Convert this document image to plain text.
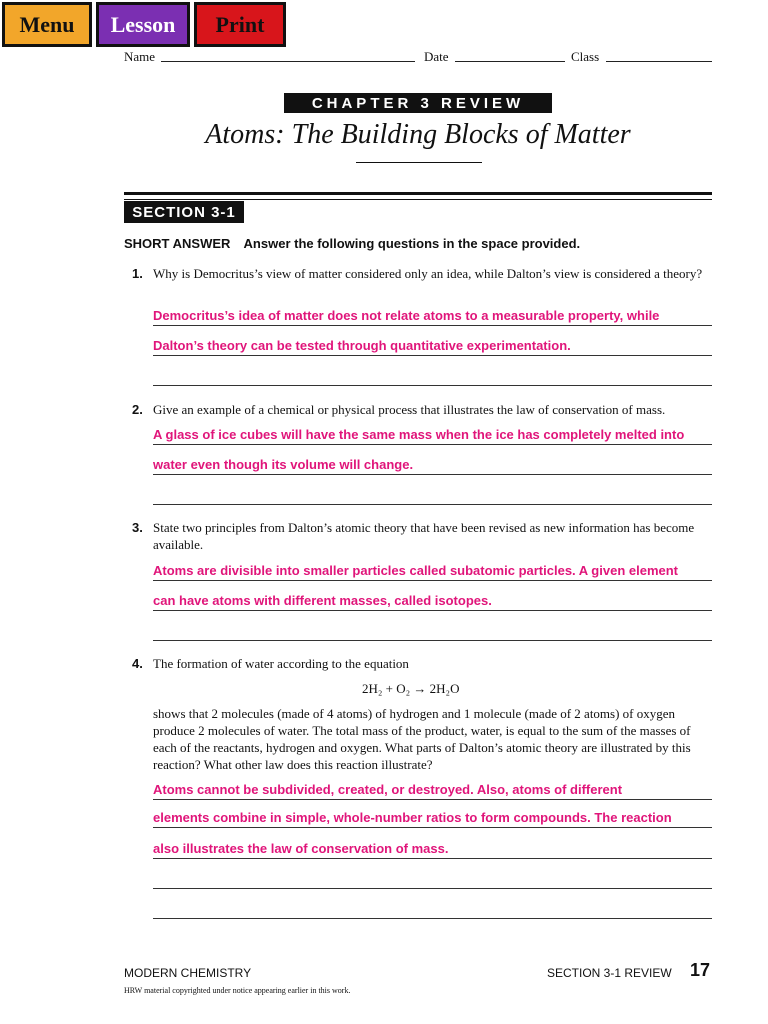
Menu	Lesson	Print
Name	Date	Class
CHAPTER 3 REVIEW
Atoms: The Building Blocks of Matter
SECTION 3-1
SHORT ANSWER Answer the following questions in the space provided.
1. Why is Democritus’s view of matter considered only an idea, while Dalton’s view is considered a theory?
Democritus’s idea of matter does not relate atoms to a measurable property, while
Dalton’s theory can be tested through quantitative experimentation.
2. Give an example of a chemical or physical process that illustrates the law of conservation of mass.
A glass of ice cubes will have the same mass when the ice has completely melted into
water even though its volume will change.
3. State two principles from Dalton’s atomic theory that have been revised as new information has become available.
Atoms are divisible into smaller particles called subatomic particles. A given element
can have atoms with different masses, called isotopes.
4. The formation of water according to the equation
2H₂ + O₂ → 2H₂O
shows that 2 molecules (made of 4 atoms) of hydrogen and 1 molecule (made of 2 atoms) of oxygen produce 2 molecules of water. The total mass of the product, water, is equal to the sum of the masses of each of the reactants, hydrogen and oxygen. What parts of Dalton’s atomic theory are illustrated by this reaction? What other law does this reaction illustrate?
Atoms cannot be subdivided, created, or destroyed. Also, atoms of different
elements combine in simple, whole-number ratios to form compounds. The reaction
also illustrates the law of conservation of mass.
MODERN CHEMISTRY	SECTION 3-1 REVIEW 17
HRW material copyrighted under notice appearing earlier in this work.
